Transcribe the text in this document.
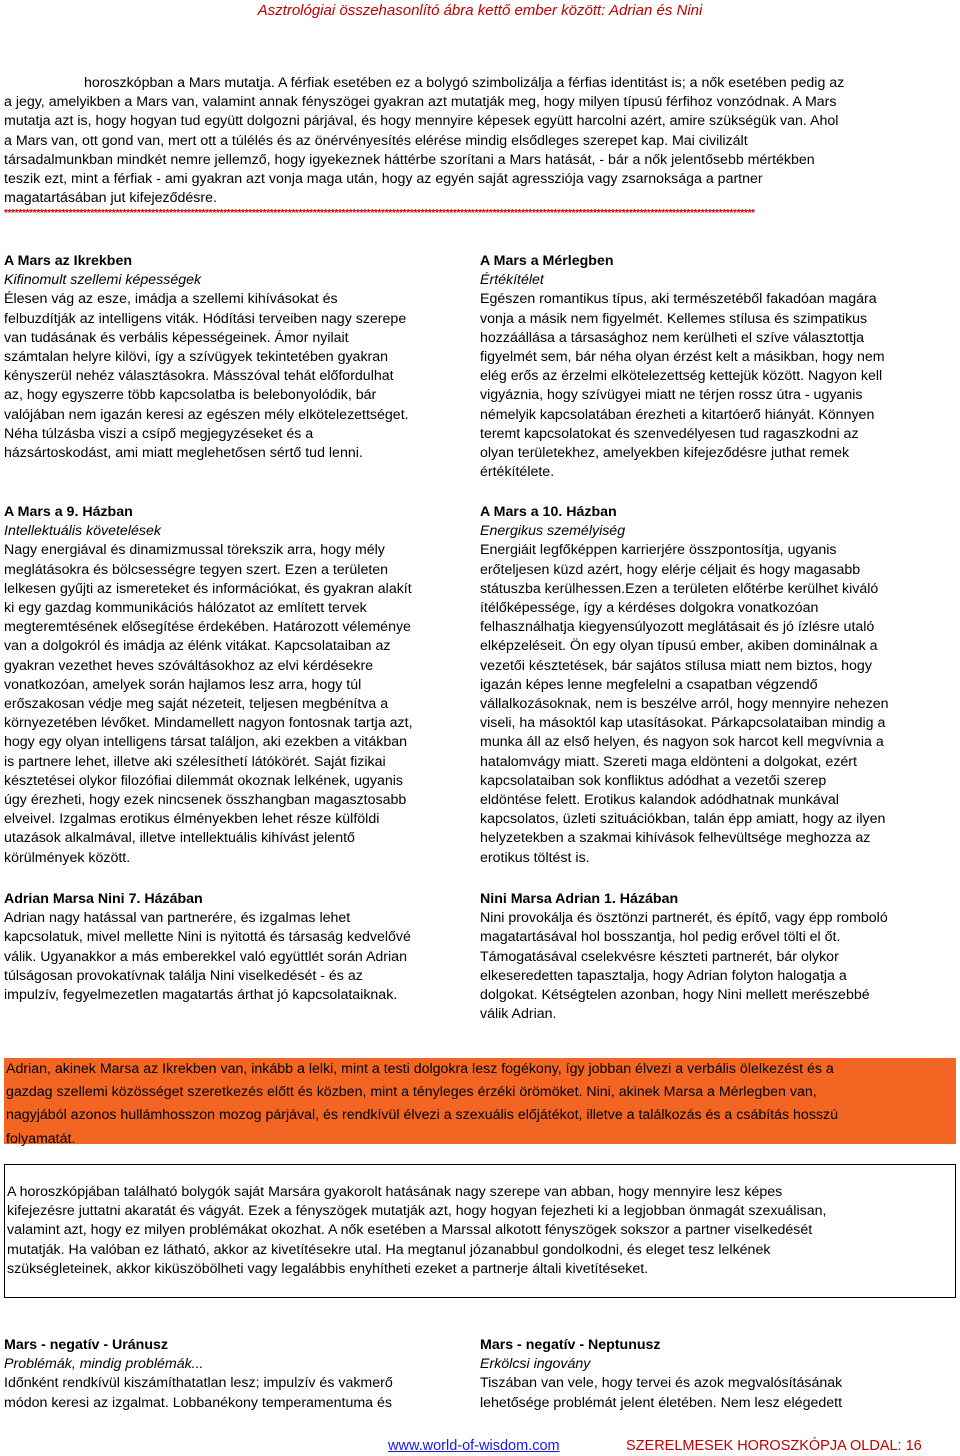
Asztrológiai összehasonlító ábra kettő ember között: Adrian és Nini
horoszkópban a Mars mutatja. A férfiak esetében ez a bolygó szimbolizálja a férfias identitást is; a nők esetében pedig az
a jegy, amelyikben a Mars van, valamint annak fényszögei gyakran azt mutatják meg, hogy milyen típusú férfihoz vonzódnak. A Mars
mutatja azt is, hogy hogyan tud együtt dolgozni párjával, és hogy mennyire képesek együtt harcolni azért, amire szükségük van. Ahol
a Mars van, ott gond van, mert ott a túlélés és az önérvényesítés elérése mindig elsődleges szerepet kap. Mai civilizált
társadalmunkban mindkét nemre jellemző, hogy igyekeznek háttérbe szorítani a Mars hatását, - bár a nők jelentősebb mértékben
teszik ezt, mint a férfiak - ami gyakran azt vonja maga után, hogy az egyén saját agressziója vagy zsarnoksága a partner
magatartásában jut kifejeződésre.
*****************************************************************************************************************************************************************************************************************
A Mars az Ikrekben
Kifinomult szellemi képességek
Élesen vág az esze, imádja a szellemi kihívásokat és
felbuzdítják az intelligens viták. Hódítási terveiben nagy szerepe
van tudásának és verbális képességeinek. Ámor nyilait
számtalan helyre kilövi, így a szívügyek tekintetében gyakran
kényszerül nehéz választásokra. Másszóval tehát előfordulhat
az, hogy egyszerre több kapcsolatba is belebonyolódik, bár
valójában nem igazán keresi az egészen mély elkötelezettséget.
Néha túlzásba viszi a csípő megjegyzéseket és a
házsártoskodást, ami miatt meglehetősen sértő tud lenni.
A Mars a Mérlegben
Értékítélet
Egészen romantikus típus, aki természetéből fakadóan magára
vonja a másik nem figyelmét. Kellemes stílusa és szimpatikus
hozzáállása a társasághoz nem kerülheti el szíve választottja
figyelmét sem, bár néha olyan érzést kelt a másikban, hogy nem
elég erős az érzelmi elkötelezettség kettejük között. Nagyon kell
vigyáznia, hogy szívügyei miatt ne térjen rossz útra - ugyanis
némelyik kapcsolatában érezheti a kitartóerő hiányát. Könnyen
teremt kapcsolatokat és szenvedélyesen tud ragaszkodni az
olyan területekhez, amelyekben kifejeződésre juthat remek
értékítélete.
A Mars a 9. Házban
Intellektuális követelések
Nagy energiával és dinamizmussal törekszik arra, hogy mély
meglátásokra és bölcsességre tegyen szert. Ezen a területen
lelkesen gyűjti az ismereteket és információkat, és gyakran alakít
ki egy gazdag kommunikációs hálózatot az említett tervek
megteremtésének elősegítése érdekében. Határozott véleménye
van a dolgokról és imádja az élénk vitákat. Kapcsolataiban az
gyakran vezethet heves szóváltásokhoz az elvi kérdésekre
vonatkozóan, amelyek során hajlamos lesz arra, hogy túl
erőszakosan védje meg saját nézeteit, teljesen megbénítva a
környezetében lévőket. Mindamellett nagyon fontosnak tartja azt,
hogy egy olyan intelligens társat találjon, aki ezekben a vitákban
is partnere lehet, illetve aki szélesíthetí látókörét. Saját fizikai
késztetései olykor filozófiai dilemmát okoznak lelkének, ugyanis
úgy érezheti, hogy ezek nincsenek összhangban magasztosabb
elveivel. Izgalmas erotikus élményekben lehet része külföldi
utazások alkalmával, illetve intellektuális kihívást jelentő
körülmények között.
A Mars a 10. Házban
Energikus személyiség
Energiáit legfőképpen karrierjére összpontosítja, ugyanis
erőteljesen küzd azért, hogy elérje céljait és hogy magasabb
státuszba kerülhessen.Ezen a területen előtérbe kerülhet kiváló
ítélőképessége, így a kérdéses dolgokra vonatkozóan
felhasználhatja kiegyensúlyozott meglátásait és jó ízlésre utaló
elképzeléseit. Ön egy olyan típusú ember, akiben dominálnak a
vezetői késztetések, bár sajátos stílusa miatt nem biztos, hogy
igazán képes lenne megfelelni a csapatban végzendő
vállalkozásoknak, nem is beszélve arról, hogy mennyire nehezen
viseli, ha másoktól kap utasításokat. Párkapcsolataiban mindig a
munka áll az első helyen, és nagyon sok harcot kell megvívnia a
hatalomvágy miatt. Szereti maga eldönteni a dolgokat, ezért
kapcsolataiban sok konfliktus adódhat a vezetői szerep
eldöntése felett. Erotikus kalandok adódhatnak munkával
kapcsolatos, üzleti szituációkban, talán épp amiatt, hogy az ilyen
helyzetekben a szakmai kihívások felhevültsége meghozza az
erotikus töltést is.
Adrian Marsa Nini 7. Házában
Adrian nagy hatással van partnerére, és izgalmas lehet
kapcsolatuk, mivel mellette Nini is nyitottá és társaság kedvelővé
válik. Ugyanakkor a más emberekkel való együttlét során Adrian
túlságosan provokatívnak találja Nini viselkedését - és az
impulzív, fegyelmezetlen magatartás árthat jó kapcsolataiknak.
Nini Marsa Adrian 1. Házában
Nini provokálja és ösztönzi partnerét, és építő, vagy épp romboló
magatartásával hol bosszantja, hol pedig erővel tölti el őt.
Támogatásával cselekvésre készteti partnerét, bár olykor
elkeseredetten tapasztalja, hogy Adrian folyton halogatja a
dolgokat. Kétségtelen azonban, hogy Nini mellett merészebbé
válik Adrian.

Adrian, akinek Marsa az Ikrekben van, inkább a lelki, mint a testi dolgokra lesz fogékony, így jobban élvezi a verbális ölelkezést és a

gazdag szellemi közösséget szeretkezés előtt és közben, mint a tényleges érzéki örömöket. Nini, akinek Marsa a Mérlegben van,

nagyjából azonos hullámhosszon mozog párjával, és rendkívül élvezi a szexuális előjátékot, illetve a találkozás és a csábítás hosszú

folyamatát.

A horoszkópjában található bolygók saját Marsára gyakorolt hatásának nagy szerepe van abban, hogy mennyire lesz képes

kifejezésre juttatni akaratát és vágyát. Ezek a fényszögek mutatják azt, hogy hogyan fejezheti ki a legjobban önmagát szexuálisan,

valamint azt, hogy ez milyen problémákat okozhat. A nők esetében a Marssal alkotott fényszögek sokszor a partner viselkedését

mutatják. Ha valóban ez látható, akkor az kivetítésekre utal. Ha megtanul józanabbul gondolkodni, és eleget tesz lelkének

szükségleteinek, akkor kiküszöbölheti vagy legalábbis enyhítheti ezeket a partnerje általi kivetítéseket.

Mars - negatív - Uránusz
Problémák, mindig problémák...
Időnként rendkívül kiszámíthatatlan lesz; impulzív és vakmerő
módon keresi az izgalmat. Lobbanékony temperamentuma és
Mars - negatív - Neptunusz
Erkölcsi ingovány
Tiszában van vele, hogy tervei és azok megvalósításának
lehetősége problémát jelent életében. Nem lesz elégedett
www.world-of-wisdom.com	SZERELMESEK HOROSZKÓPJA OLDAL: 16
